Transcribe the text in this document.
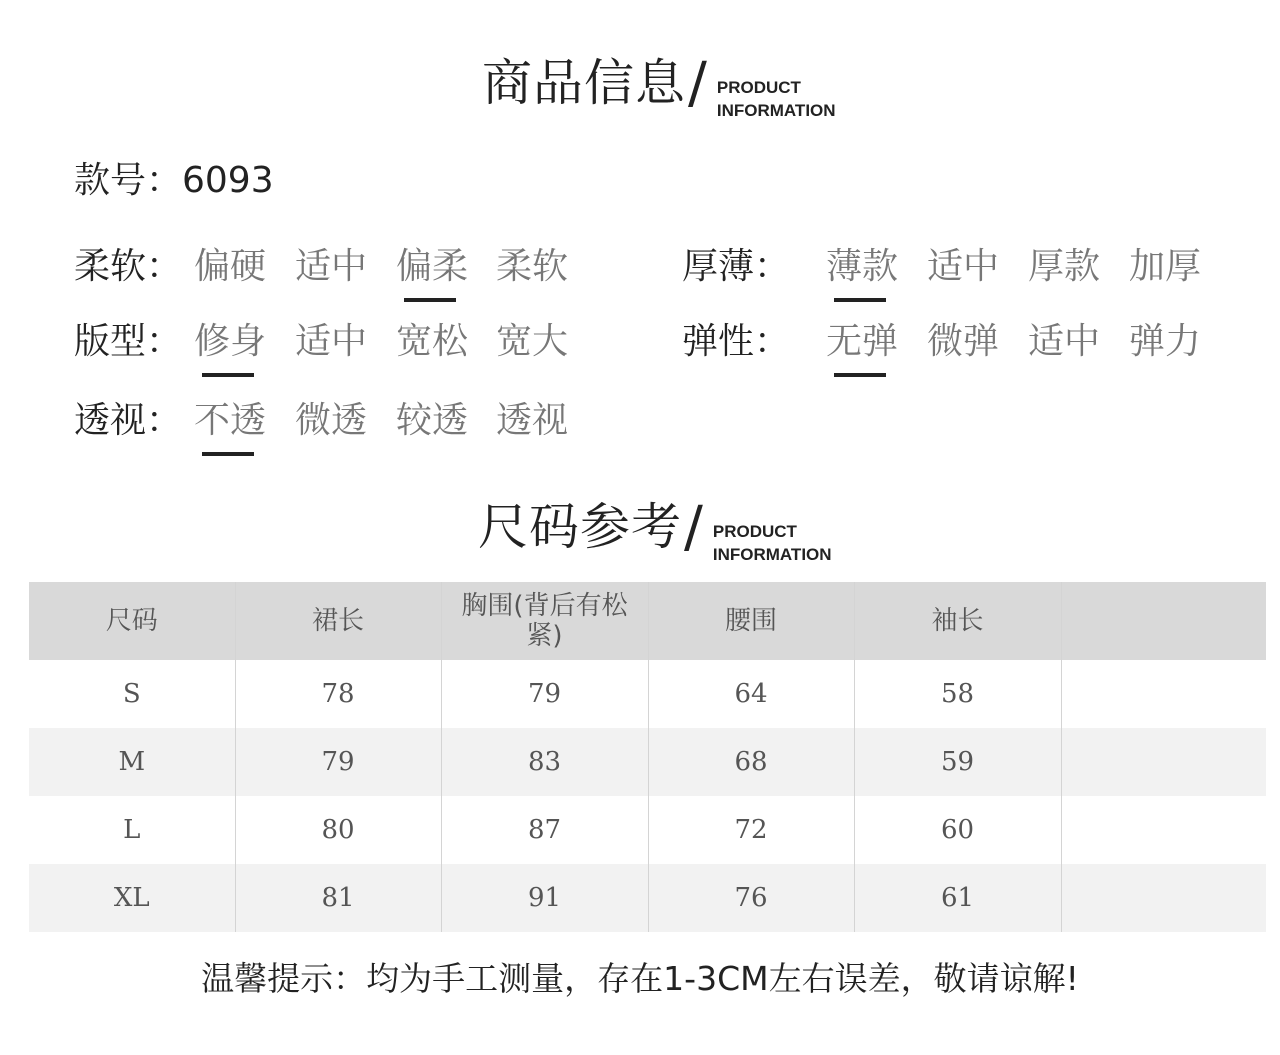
商品信息 / PRODUCT
INFORMATION
款号：6093
柔软： 偏硬 适中 偏柔 柔软	厚薄： 薄款 适中 厚款 加厚
版型： 修身 适中 宽松 宽大	弹性： 无弹 微弹 适中 弹力
透视： 不透 微透 较透 透视
尺码参考 / PRODUCT
INFORMATION
尺码	裙长	胸围(背后有松紧)	腰围	袖长	
S	78	79	64	58	
M	79	83	68	59	
L	80	87	72	60	
XL	81	91	76	61	
温馨提示：均为手工测量，存在1-3CM左右误差，敬请谅解!
